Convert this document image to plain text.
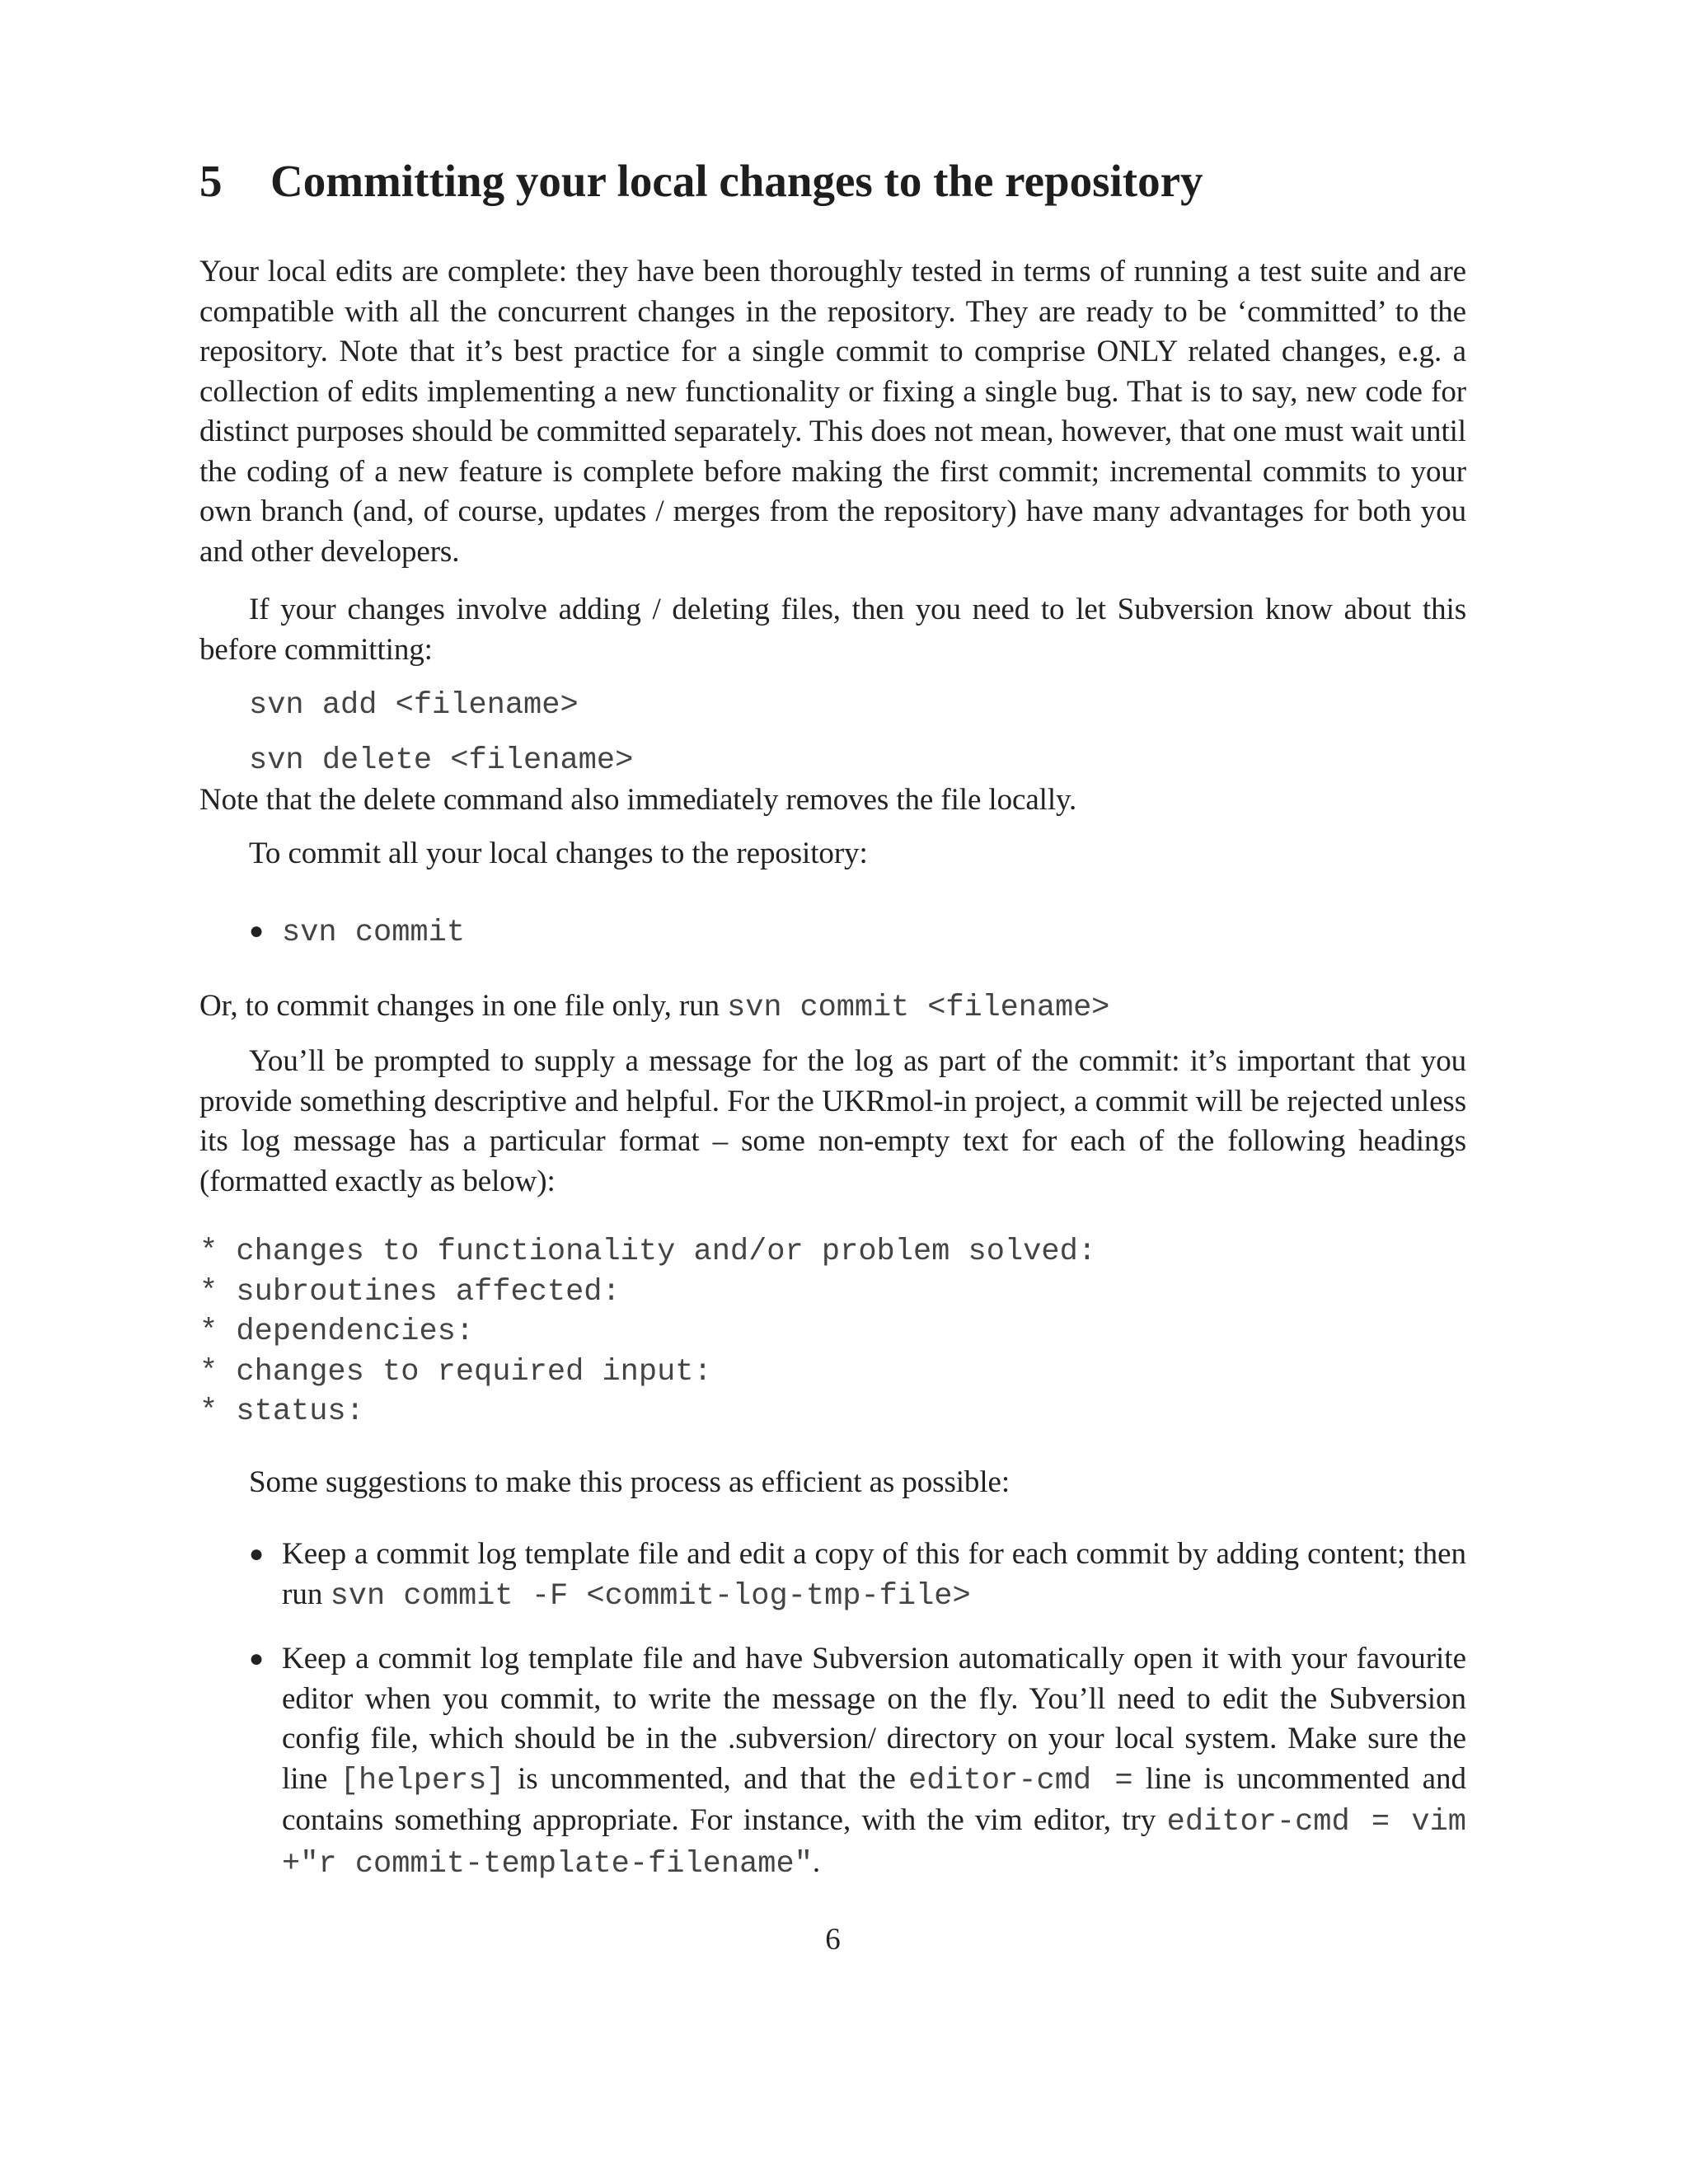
5 Committing your local changes to the repository

Your local edits are complete: they have been thoroughly tested in terms of running a test suite and are compatible with all the concurrent changes in the repository. They are ready to be ‘committed’ to the repository. Note that it’s best practice for a single commit to comprise ONLY related changes, e.g. a collection of edits implementing a new functionality or fixing a single bug. That is to say, new code for distinct purposes should be committed separately. This does not mean, however, that one must wait until the coding of a new feature is complete before making the first commit; incremental commits to your own branch (and, of course, updates / merges from the repository) have many advantages for both you and other developers.

If your changes involve adding / deleting files, then you need to let Subversion know about this before committing:

svn add <filename>

svn delete <filename>

Note that the delete command also immediately removes the file locally.

To commit all your local changes to the repository:

● svn commit

Or, to commit changes in one file only, run svn commit <filename>

You’ll be prompted to supply a message for the log as part of the commit: it’s important that you provide something descriptive and helpful. For the UKRmol-in project, a commit will be rejected unless its log message has a particular format – some non-empty text for each of the following headings (formatted exactly as below):

* changes to functionality and/or problem solved:
* subroutines affected:
* dependencies:
* changes to required input:
* status:

Some suggestions to make this process as efficient as possible:

● Keep a commit log template file and edit a copy of this for each commit by adding content; then run svn commit -F <commit-log-tmp-file>
● Keep a commit log template file and have Subversion automatically open it with your favourite editor when you commit, to write the message on the fly. You’ll need to edit the Subversion config file, which should be in the .subversion/ directory on your local system. Make sure the line [helpers] is uncommented, and that the editor-cmd = line is uncommented and contains something appropriate. For instance, with the vim editor, try editor-cmd = vim +"r commit-template-filename".
6
